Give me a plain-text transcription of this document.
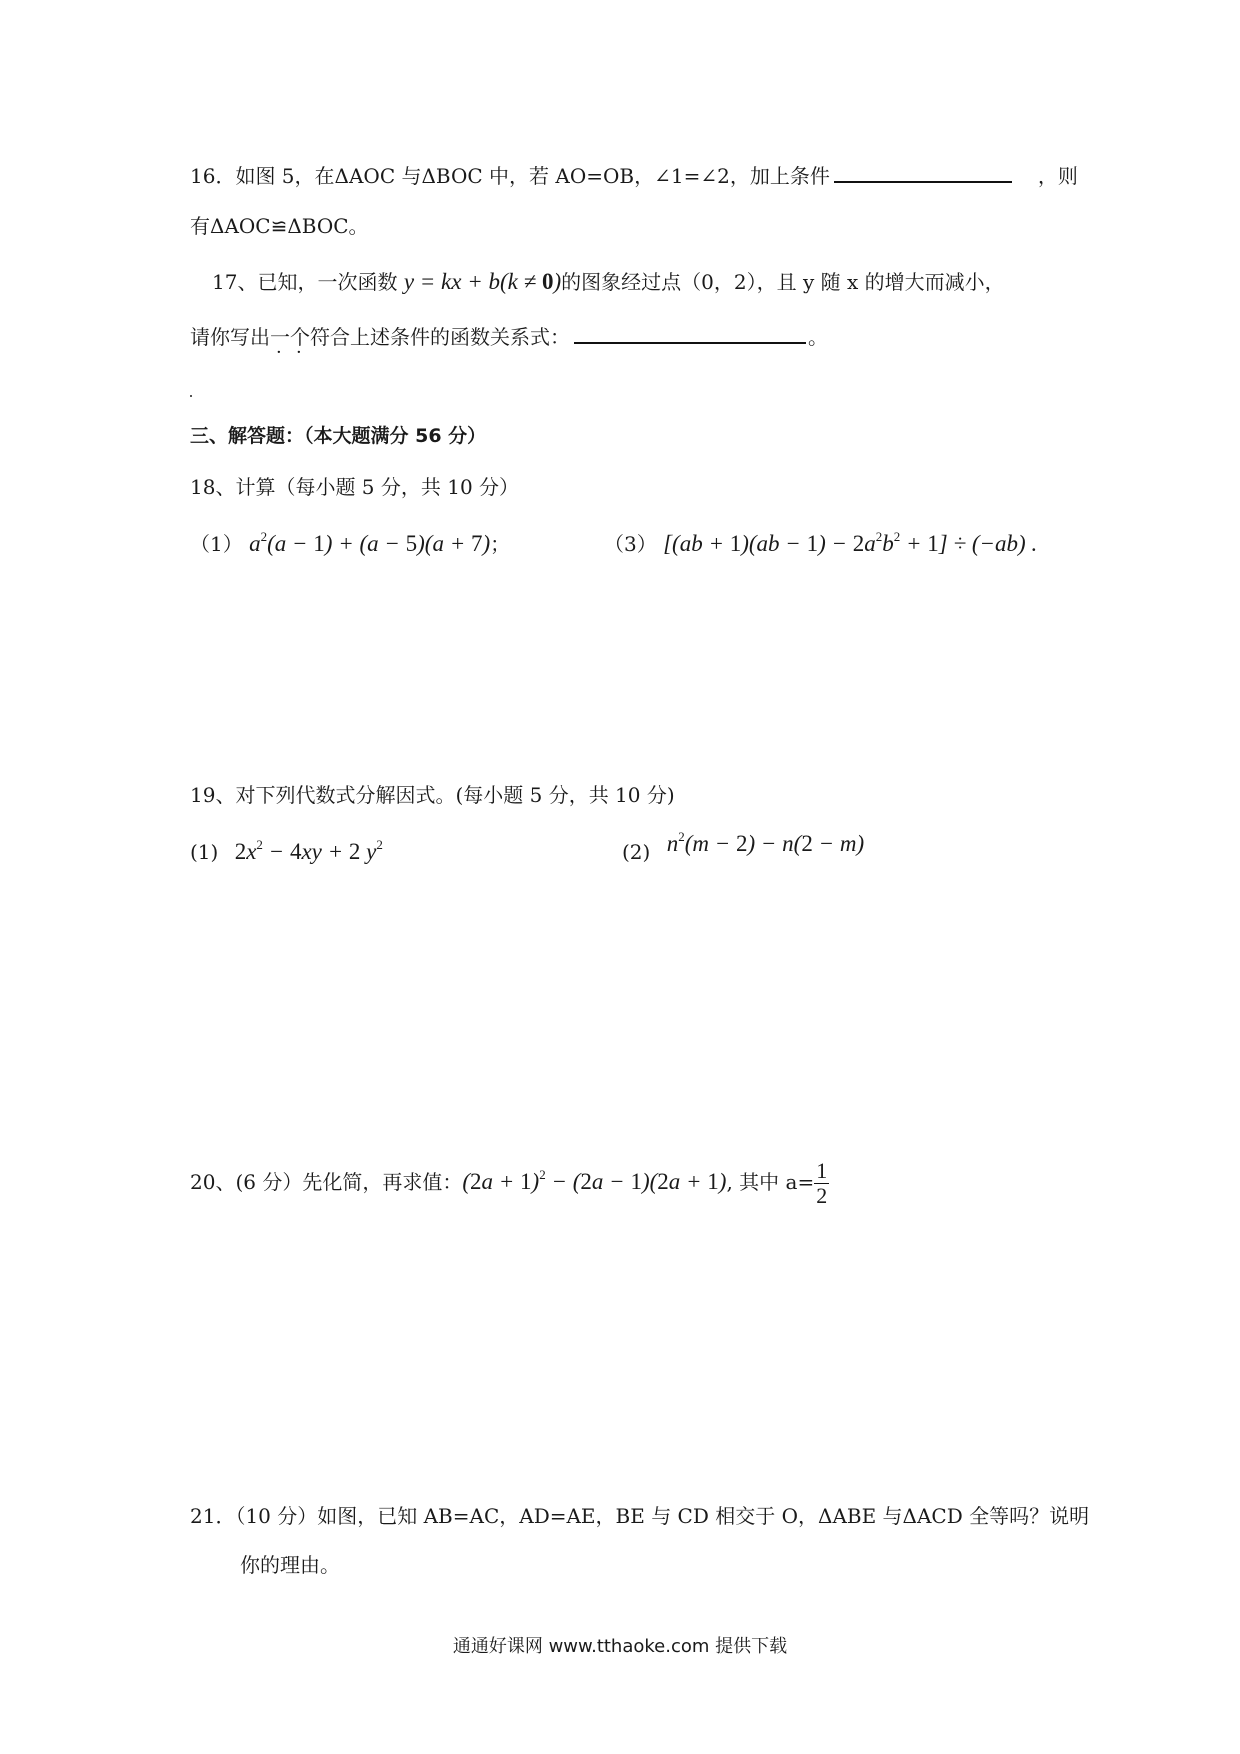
16．如图 5，在ΔAOC 与ΔBOC 中，若 AO=OB，∠1=∠2，加上条件	，则
有ΔAOC≌ΔBOC。
17、已知，一次函数 y = kx + b(k ≠ 0)的图象经过点（0，2），且 y 随 x 的增大而减小，
请你写出一个符合上述条件的函数关系式：	。
三、解答题：（本大题满分 56 分）
18、计算（每小题 5 分，共 10 分）
（1） $a^2(a - 1) + (a - 5)(a + 7)$；	（3） $[(ab + 1)(ab - 1) - 2a^2b^2 + 1] \div (-ab)$ .
19、对下列代数式分解因式。(每小题 5 分，共 10 分)
(1) $2x^2 - 4xy + 2$ $y^2$	(2) $n^2(m - 2) - n(2 - m)$
20、(6 分）先化简，再求值：$(2a + 1)^2 - (2a - 1)(2a + 1)$, 其中 $a= \frac{1}{2}$
21．（10 分）如图，已知 AB=AC，AD=AE，BE 与 CD 相交于 O，ΔABE 与ΔACD 全等吗？说明
你的理由。
通通好课网 www.tthaoke.com 提供下载
